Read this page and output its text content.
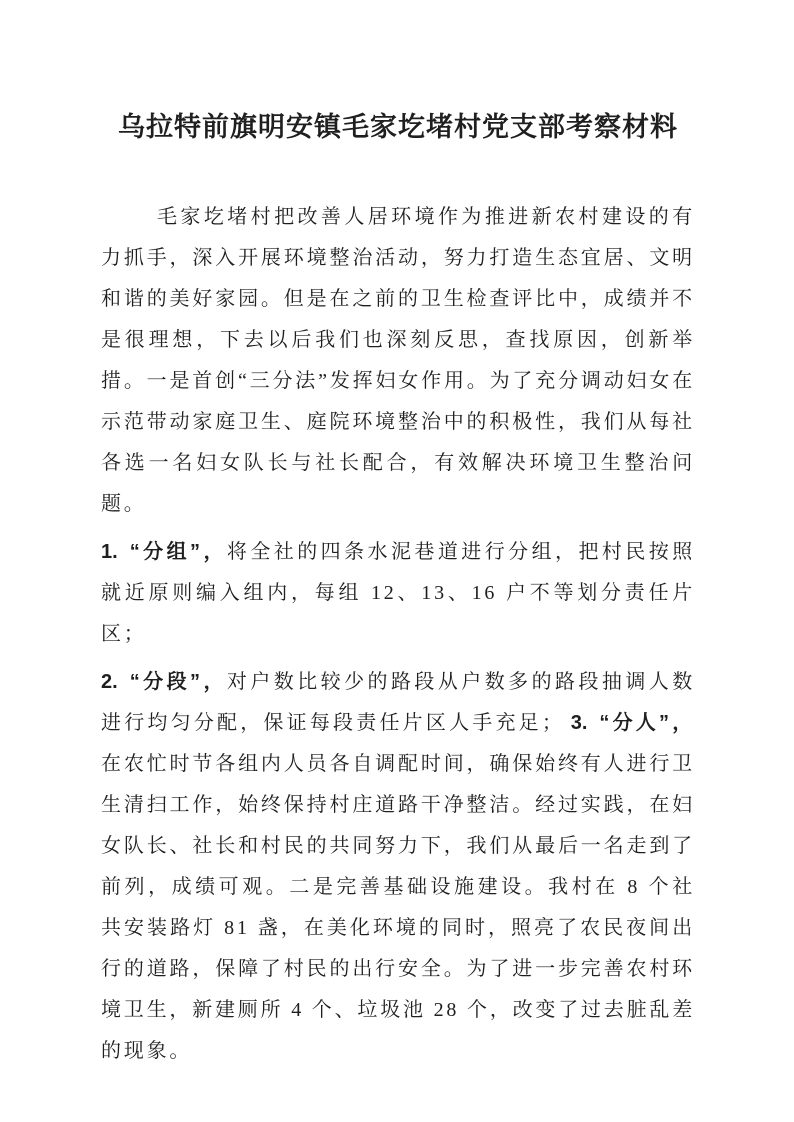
乌拉特前旗明安镇毛家圪堵村党支部考察材料

毛家圪堵村把改善人居环境作为推进新农村建设的有力抓手，深入开展环境整治活动，努力打造生态宜居、文明和谐的美好家园。但是在之前的卫生检查评比中，成绩并不是很理想，下去以后我们也深刻反思，查找原因，创新举措。一是首创“三分法”发挥妇女作用。为了充分调动妇女在示范带动家庭卫生、庭院环境整治中的积极性，我们从每社各选一名妇女队长与社长配合，有效解决环境卫生整治问题。

1. “分组”，将全社的四条水泥巷道进行分组，把村民按照就近原则编入组内，每组 12、13、16 户不等划分责任片区；

2. “分段”，对户数比较少的路段从户数多的路段抽调人数进行均匀分配，保证每段责任片区人手充足； 3. “分人”，在农忙时节各组内人员各自调配时间，确保始终有人进行卫生清扫工作，始终保持村庄道路干净整洁。经过实践，在妇女队长、社长和村民的共同努力下，我们从最后一名走到了前列，成绩可观。二是完善基础设施建设。我村在 8 个社共安装路灯 81 盏，在美化环境的同时，照亮了农民夜间出行的道路，保障了村民的出行安全。为了进一步完善农村环境卫生，新建厕所 4 个、垃圾池 28 个，改变了过去脏乱差的现象。
